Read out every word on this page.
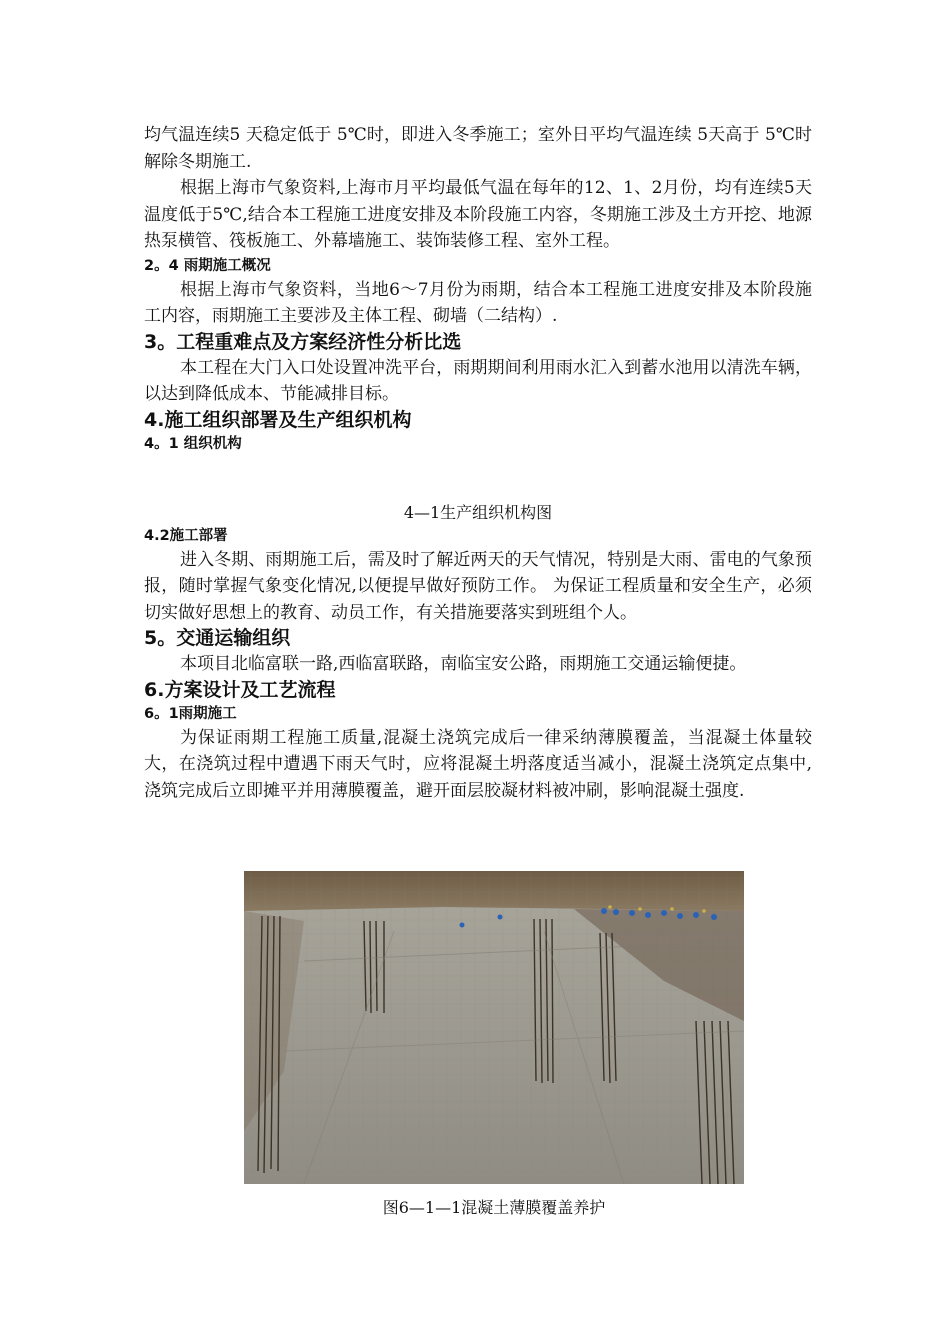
均气温连续5 天稳定低于 5℃时，即进入冬季施工；室外日平均气温连续 5天高于 5℃时解除冬期施工.

根据上海市气象资料,上海市月平均最低气温在每年的12、1、2月份，均有连续5天温度低于5℃,结合本工程施工进度安排及本阶段施工内容，冬期施工涉及土方开挖、地源热泵横管、筏板施工、外幕墙施工、装饰装修工程、室外工程。

2。4 雨期施工概况

根据上海市气象资料，当地6～7月份为雨期，结合本工程施工进度安排及本阶段施工内容，雨期施工主要涉及主体工程、砌墙（二结构）.

3。工程重难点及方案经济性分析比选

本工程在大门入口处设置冲洗平台，雨期期间利用雨水汇入到蓄水池用以清洗车辆，以达到降低成本、节能减排目标。

4.施工组织部署及生产组织机构

4。1 组织机构

4—1生产组织机构图

4.2施工部署

进入冬期、雨期施工后，需及时了解近两天的天气情况，特别是大雨、雷电的气象预报，随时掌握气象变化情况,以便提早做好预防工作。 为保证工程质量和安全生产，必须切实做好思想上的教育、动员工作，有关措施要落实到班组个人。

5。交通运输组织

本项目北临富联一路,西临富联路，南临宝安公路，雨期施工交通运输便捷。

6.方案设计及工艺流程

6。1雨期施工

为保证雨期工程施工质量,混凝土浇筑完成后一律采纳薄膜覆盖，当混凝土体量较大，在浇筑过程中遭遇下雨天气时，应将混凝土坍落度适当减小，混凝土浇筑定点集中,浇筑完成后立即摊平并用薄膜覆盖，避开面层胶凝材料被冲刷，影响混凝土强度.

图6—1—1混凝土薄膜覆盖养护
